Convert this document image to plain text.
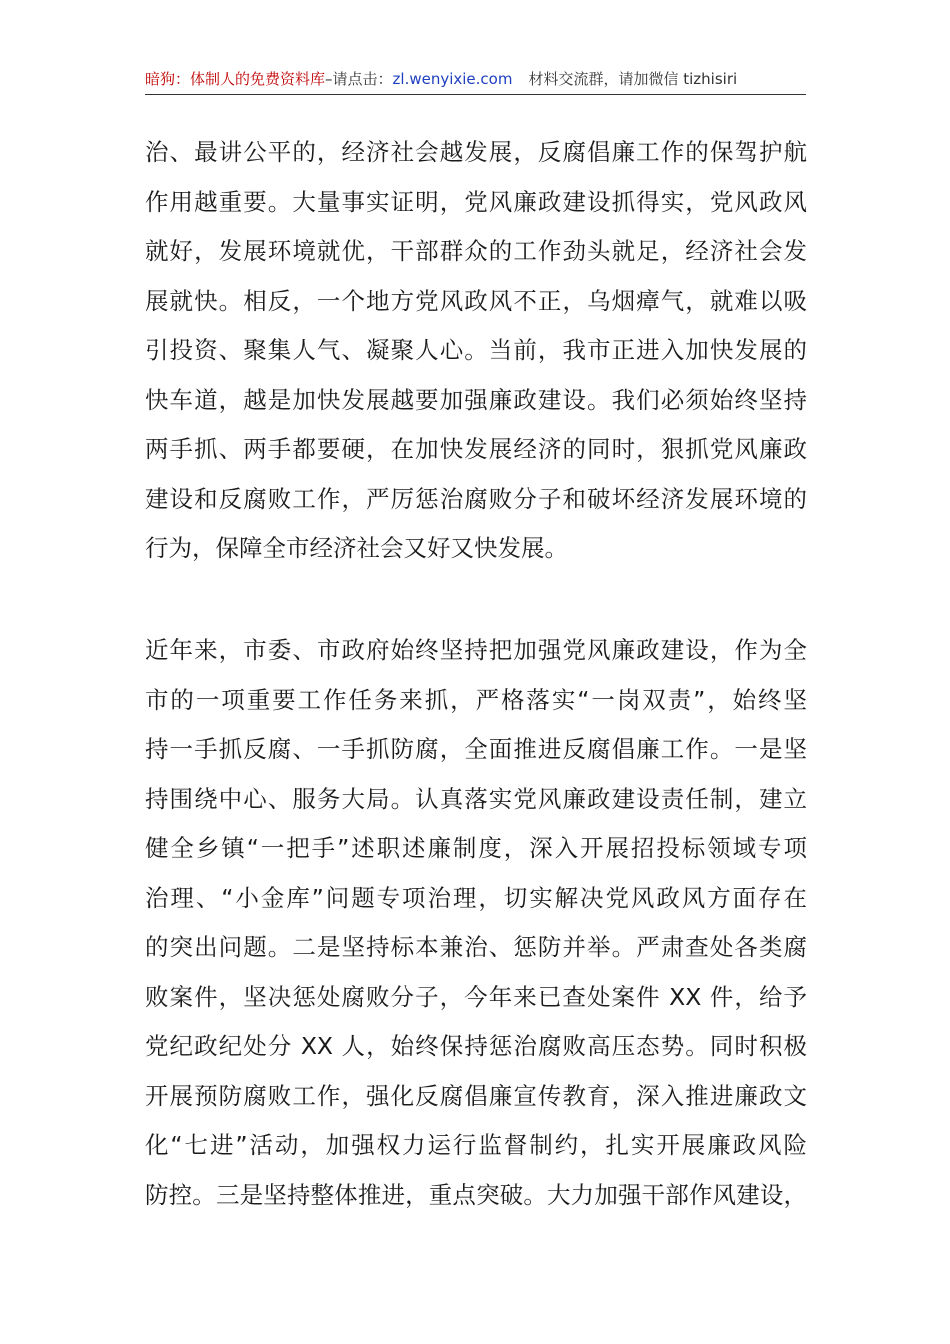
暗狗：体制人的免费资料库–请点击：zl.wenyixie.com 材料交流群，请加微信 tizhisiri
治、最讲公平的，经济社会越发展，反腐倡廉工作的保驾护航
作用越重要。大量事实证明，党风廉政建设抓得实，党风政风
就好，发展环境就优，干部群众的工作劲头就足，经济社会发
展就快。相反，一个地方党风政风不正，乌烟瘴气，就难以吸
引投资、聚集人气、凝聚人心。当前，我市正进入加快发展的
快车道，越是加快发展越要加强廉政建设。我们必须始终坚持
两手抓、两手都要硬，在加快发展经济的同时，狠抓党风廉政
建设和反腐败工作，严厉惩治腐败分子和破坏经济发展环境的
行为，保障全市经济社会又好又快发展。
近年来，市委、市政府始终坚持把加强党风廉政建设，作为全
市的一项重要工作任务来抓，严格落实“一岗双责”，始终坚
持一手抓反腐、一手抓防腐，全面推进反腐倡廉工作。一是坚
持围绕中心、服务大局。认真落实党风廉政建设责任制，建立
健全乡镇“一把手”述职述廉制度，深入开展招投标领域专项
治理、“小金库”问题专项治理，切实解决党风政风方面存在
的突出问题。二是坚持标本兼治、惩防并举。严肃查处各类腐
败案件，坚决惩处腐败分子，今年来已查处案件 XX 件，给予
党纪政纪处分 XX 人，始终保持惩治腐败高压态势。同时积极
开展预防腐败工作，强化反腐倡廉宣传教育，深入推进廉政文
化“七进”活动，加强权力运行监督制约，扎实开展廉政风险
防控。三是坚持整体推进，重点突破。大力加强干部作风建设，
